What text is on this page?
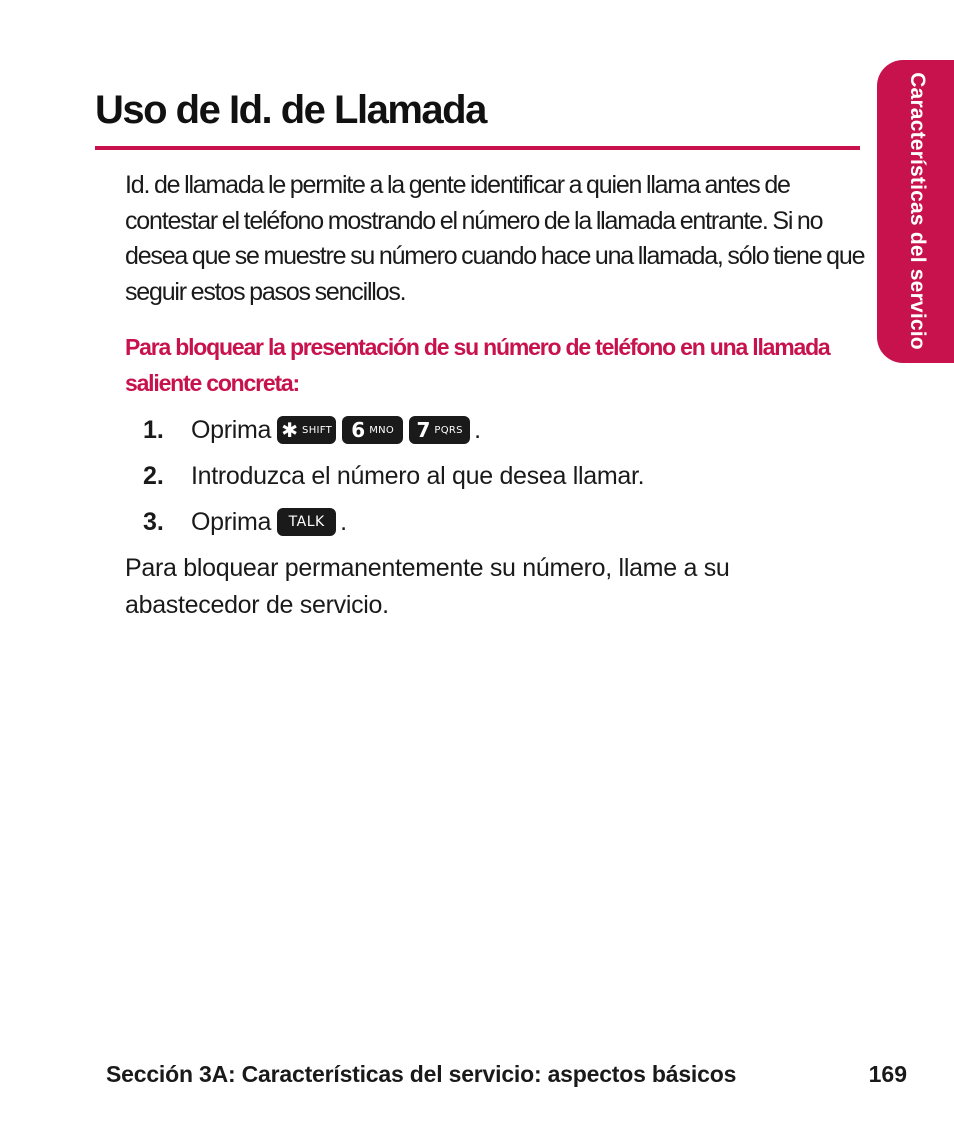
Características del servicio
Uso de Id. de Llamada

Id. de llamada le permite a la gente identificar a quien llama antes de contestar el teléfono mostrando el número de la llamada entrante. Si no desea que se muestre su número cuando hace una llamada, sólo tiene que seguir estos pasos sencillos.

Para bloquear la presentación de su número de teléfono en una llamada saliente concreta:

1.	Oprima ✱ SHIFT 6 MNO 7 PQRS .
2.	Introduzca el número al que desea llamar.
3.	Oprima	TALK .

Para bloquear permanentemente su número, llame a su abastecedor de servicio.

Sección 3A: Características del servicio: aspectos básicos	169
